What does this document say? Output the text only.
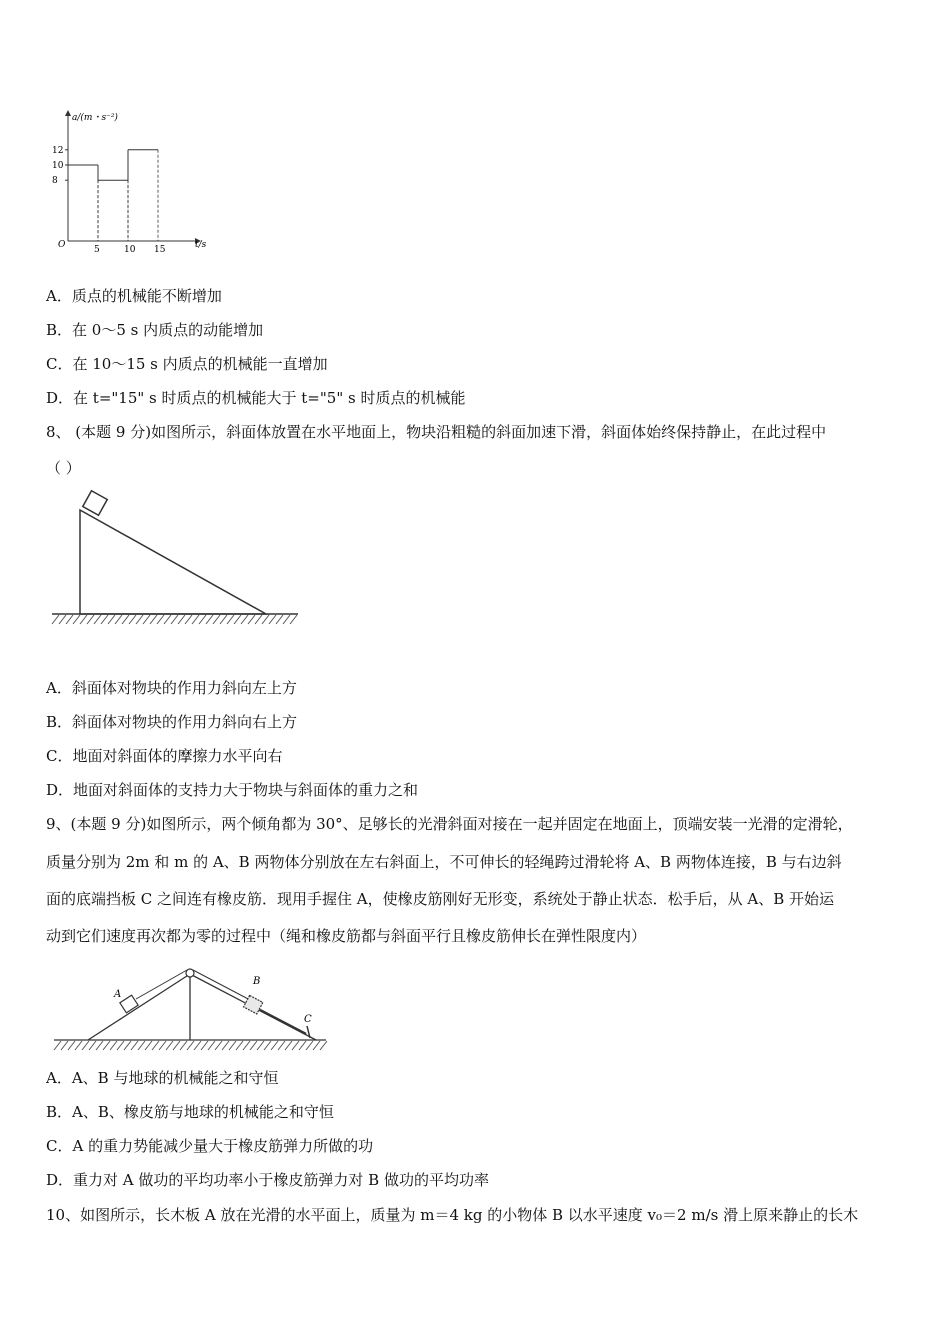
a/(m・s⁻²)
t/s
O	5	10 15
8
10
12
A．质点的机械能不断增加
B．在 0～5 s 内质点的动能增加
C．在 10～15 s 内质点的机械能一直增加
D．在 t="15" s 时质点的机械能大于 t="5" s 时质点的机械能
8、 (本题 9 分)如图所示，斜面体放置在水平地面上，物块沿粗糙的斜面加速下滑，斜面体始终保持静止，在此过程中
（ ）
A．斜面体对物块的作用力斜向左上方
B．斜面体对物块的作用力斜向右上方
C．地面对斜面体的摩擦力水平向右
D．地面对斜面体的支持力大于物块与斜面体的重力之和
9、(本题 9 分)如图所示，两个倾角都为 30°、足够长的光滑斜面对接在一起并固定在地面上，顶端安装一光滑的定滑轮，
质量分别为 2m 和 m 的 A、B 两物体分别放在左右斜面上，不可伸长的轻绳跨过滑轮将 A、B 两物体连接，B 与右边斜
面的底端挡板 C 之间连有橡皮筋．现用手握住 A，使橡皮筋刚好无形变，系统处于静止状态．松手后，从 A、B 开始运
动到它们速度再次都为零的过程中（绳和橡皮筋都与斜面平行且橡皮筋伸长在弹性限度内）
A
B
C
A．A、B 与地球的机械能之和守恒
B．A、B、橡皮筋与地球的机械能之和守恒
C．A 的重力势能减少量大于橡皮筋弹力所做的功
D．重力对 A 做功的平均功率小于橡皮筋弹力对 B 做功的平均功率
10、如图所示，长木板 A 放在光滑的水平面上，质量为 m＝4 kg 的小物体 B 以水平速度 v₀＝2 m/s 滑上原来静止的长木
